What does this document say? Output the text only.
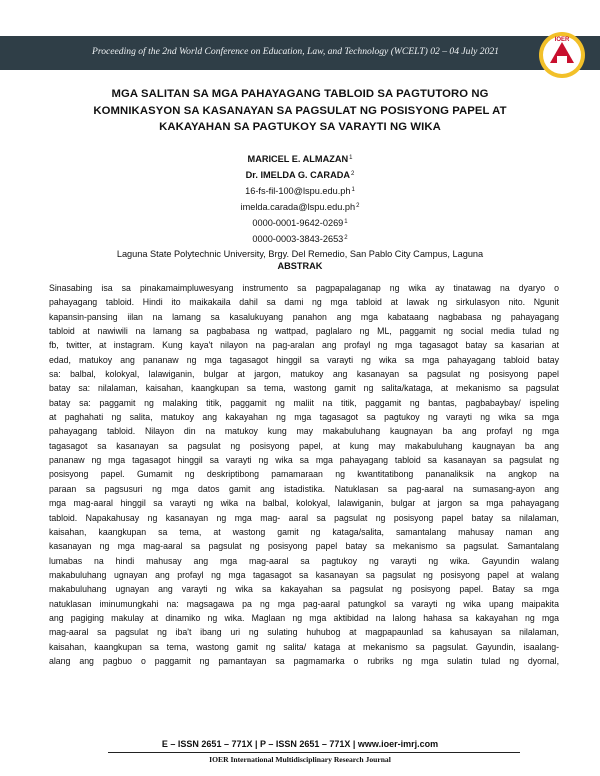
Proceeding of the 2nd World Conference on Education, Law, and Technology (WCELT) 02 – 04 July 2021
IOER
MGA SALITAN SA MGA PAHAYAGANG TABLOID SA PAGTUTORO NG
KOMNIKASYON SA KASANAYAN SA PAGSULAT NG POSISYONG PAPEL AT
KAKAYAHAN SA PAGTUKOY SA VARAYTI NG WIKA
MARICEL E. ALMAZAN$^1$
Dr. IMELDA G. CARADA$^2$
$16-fs-fil-100@lspu.edu.ph^1$
$imelda.carada@lspu.edu.ph^2$
0000-0001-9642-0269$^1$
0000-0003-3843-2653$^2$
Laguna State Polytechnic University, Brgy. Del Remedio, San Pablo City Campus, Laguna
ABSTRAK
Sinasabing isa sa pinakamaimpluwesyang instrumento sa pagpapalaganap ng wika ay tinatawag na dyaryo o
pahayagang tabloid. Hindi ito maikakaila dahil sa dami ng mga tabloid at lawak ng sirkulasyon nito. Ngunit
kapansin-pansing iilan na lamang sa kasalukuyang panahon ang mga kabataang nagbabasa ng pahayagang
tabloid at nawiwili na lamang sa pagbabasa ng wattpad, paglalaro ng ML, paggamit ng social media tulad ng
fb, twitter, at instagram. Kung kaya't nilayon na pag-aralan ang profayl ng mga tagasagot batay sa kasarian at
edad, matukoy ang pananaw ng mga tagasagot hinggil sa varayti ng wika sa mga pahayagang tabloid batay
sa: balbal, kolokyal, lalawiganin, bulgar at jargon, matukoy ang kasanayan sa pagsulat ng posisyong papel
batay sa: nilalaman, kaisahan, kaangkupan sa tema, wastong gamit ng salita/kataga, at mekanismo sa pagsulat
batay sa: paggamit ng malaking titik, paggamit ng maliit na titik, paggamit ng bantas, pagbabaybay/ ispeling
at paghahati ng salita, matukoy ang kakayahan ng mga tagasagot sa pagtukoy ng varayti ng wika sa mga
pahayagang tabloid. Nilayon din na matukoy kung may makabuluhang kaugnayan ba ang profayl ng mga
tagasagot sa kasanayan sa pagsulat ng posisyong papel, at kung may makabuluhang kaugnayan ba ang
pananaw ng mga tagasagot hinggil sa varayti ng wika sa mga pahayagang tabloid sa kasanayan sa pagsulat ng
posisyong papel. Gumamit ng deskriptibong pamamaraan ng kwantitatibong pananaliksik na angkop na
paraan sa pagsusuri ng mga datos gamit ang istadistika. Natuklasan sa pag-aaral na sumasang-ayon ang
mga mag-aaral hinggil sa varayti ng wika na balbal, kolokyal, lalawiganin, bulgar at jargon sa mga pahayagang
tabloid. Napakahusay ng kasanayan ng mga mag- aaral sa pagsulat ng posisyong papel batay sa nilalaman,
kaisahan, kaangkupan sa tema, at wastong gamit ng kataga/salita, samantalang mahusay naman ang
kasanayan ng mga mag-aaral sa pagsulat ng posisyong papel batay sa mekanismo sa pagsulat. Samantalang
lumabas na hindi mahusay ang mga mag-aaral sa pagtukoy ng varayti ng wika. Gayundin walang
makabuluhang ugnayan ang profayl ng mga tagasagot sa kasanayan sa pagsulat ng posisyong papel at walang
makabuluhang ugnayan ang varayti ng wika sa kakayahan sa pagsulat ng posisyong papel. Batay sa mga
natuklasan iminumungkahi na: magsagawa pa ng mga pag-aaral patungkol sa varayti ng wika upang maipakita
ang pagiging makulay at dinamiko ng wika. Maglaan ng mga aktibidad na lalong hahasa sa kakayahan ng mga
mag-aaral sa pagsulat ng iba't ibang uri ng sulating huhubog at magpapaunlad sa kahusayan sa nilalaman,
kaisahan, kaangkupan sa tema, wastong gamit ng salita/ kataga at mekanismo sa pagsulat. Gayundin, isaalang-
alang ang pagbuo o paggamit ng pamantayan sa pagmamarka o rubriks ng mga sulatin tulad ng dyornal,
E – ISSN 2651 – 771X | P – ISSN 2651 – 771X | www.ioer-imrj.com
IOER International Multidisciplinary Research Journal
